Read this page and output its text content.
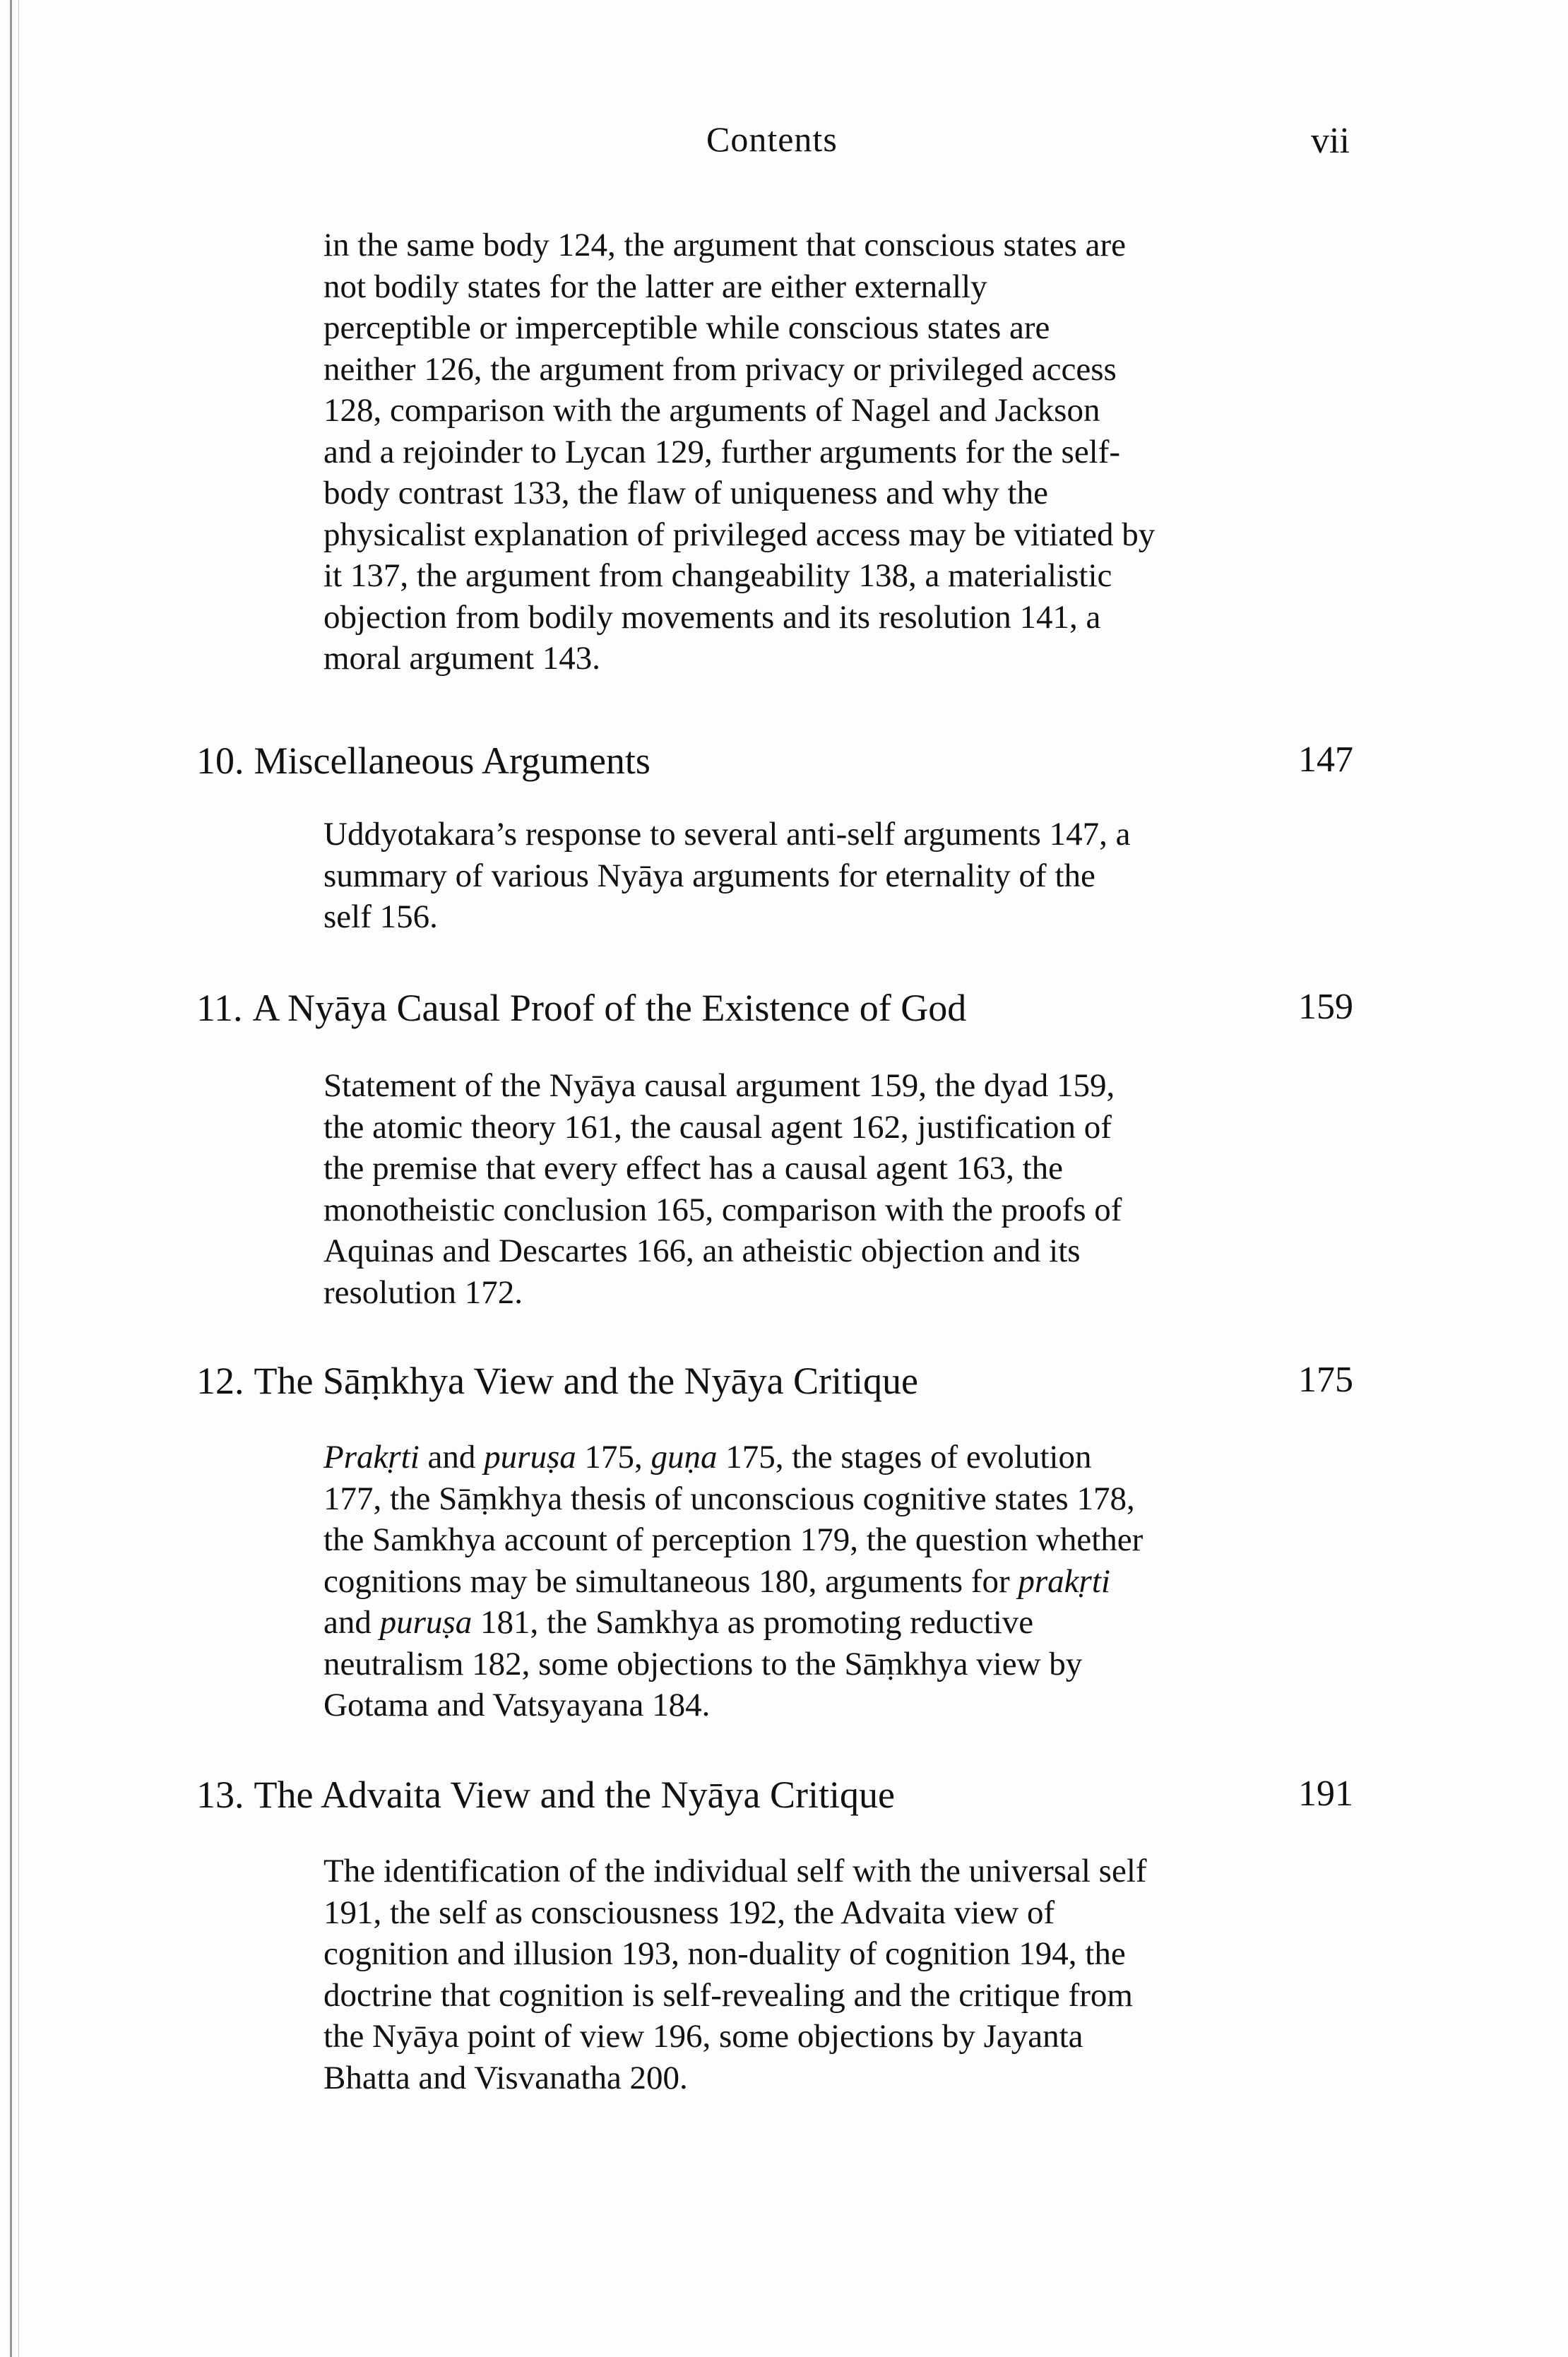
Contents	vii
in the same body 124, the argument that conscious states are
not bodily states for the latter are either externally
perceptible or imperceptible while conscious states are
neither 126, the argument from privacy or privileged access
128, comparison with the arguments of Nagel and Jackson
and a rejoinder to Lycan 129, further arguments for the self-
body contrast 133, the flaw of uniqueness and why the
physicalist explanation of privileged access may be vitiated by
it 137, the argument from changeability 138, a materialistic
objection from bodily movements and its resolution 141, a
moral argument 143.
10. Miscellaneous Arguments	147
Uddyotakara’s response to several anti-self arguments 147, a
summary of various Nyāya arguments for eternality of the
self 156.
11. A Nyāya Causal Proof of the Existence of God	159
Statement of the Nyāya causal argument 159, the dyad 159,
the atomic theory 161, the causal agent 162, justification of
the premise that every effect has a causal agent 163, the
monotheistic conclusion 165, comparison with the proofs of
Aquinas and Descartes 166, an atheistic objection and its
resolution 172.
12. The Sāṃkhya View and the Nyāya Critique	175
Prakṛti and puruṣa 175, guṇa 175, the stages of evolution
177, the Sāṃkhya thesis of unconscious cognitive states 178,
the Samkhya account of perception 179, the question whether
cognitions may be simultaneous 180, arguments for prakṛti
and puruṣa 181, the Samkhya as promoting reductive
neutralism 182, some objections to the Sāṃkhya view by
Gotama and Vatsyayana 184.
13. The Advaita View and the Nyāya Critique	191
The identification of the individual self with the universal self
191, the self as consciousness 192, the Advaita view of
cognition and illusion 193, non-duality of cognition 194, the
doctrine that cognition is self-revealing and the critique from
the Nyāya point of view 196, some objections by Jayanta
Bhatta and Visvanatha 200.
